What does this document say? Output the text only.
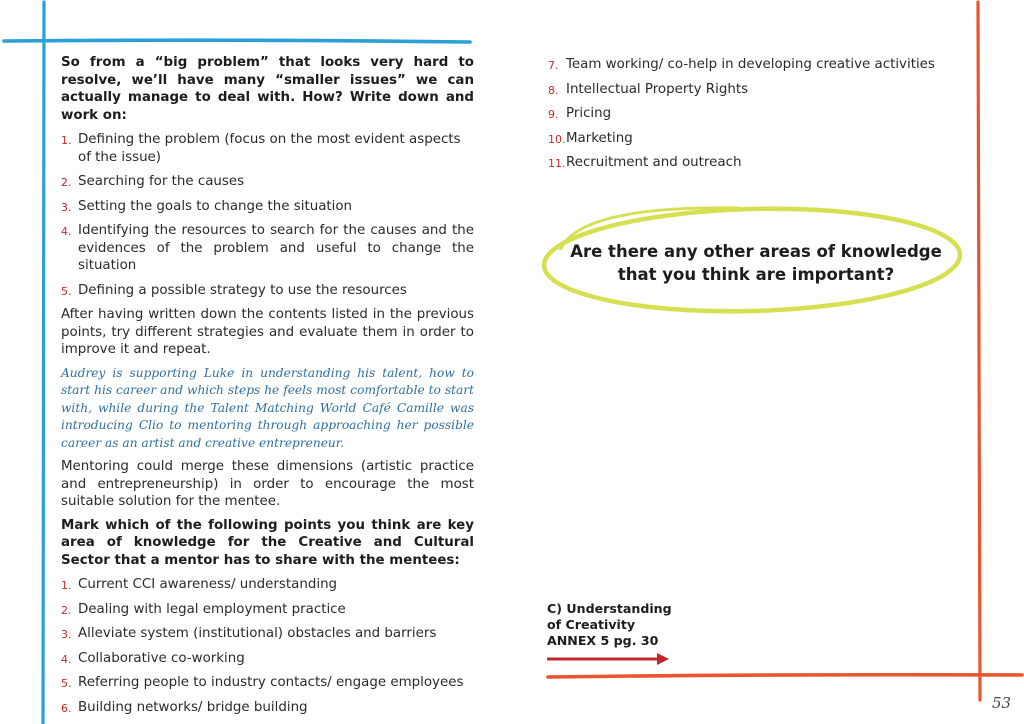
So from a “big problem” that looks very hard to resolve, we’ll have many “smaller issues” we can actually manage to deal with. How? Write down and work on:
1. Defining the problem (focus on the most evident aspects of the issue)
2. Searching for the causes
3. Setting the goals to change the situation
4. Identifying the resources to search for the causes and the evidences of the problem and useful to change the situation
5. Defining a possible strategy to use the resources
After having written down the contents listed in the previous points, try different strategies and evaluate them in order to improve it and repeat.
Audrey is supporting Luke in understanding his talent, how to start his career and which steps he feels most comfortable to start with, while during the Talent Matching World Café Camille was introducing Clio to mentoring through approaching her possible career as an artist and creative entrepreneur.
Mentoring could merge these dimensions (artistic practice and entrepreneurship) in order to encourage the most suitable solution for the mentee.
Mark which of the following points you think are key area of knowledge for the Creative and Cultural Sector that a mentor has to share with the mentees:
1. Current CCI awareness/ understanding
2. Dealing with legal employment practice
3. Alleviate system (institutional) obstacles and barriers
4. Collaborative co-working
5. Referring people to industry contacts/ engage employees
6. Building networks/ bridge building
7. Team working/ co-help in developing creative activities
8. Intellectual Property Rights
9. Pricing
10. Marketing
11. Recruitment and outreach
Are there any other areas of knowledge
that you think are important?
C) Understanding
of Creativity
ANNEX 5 pg. 30
53
